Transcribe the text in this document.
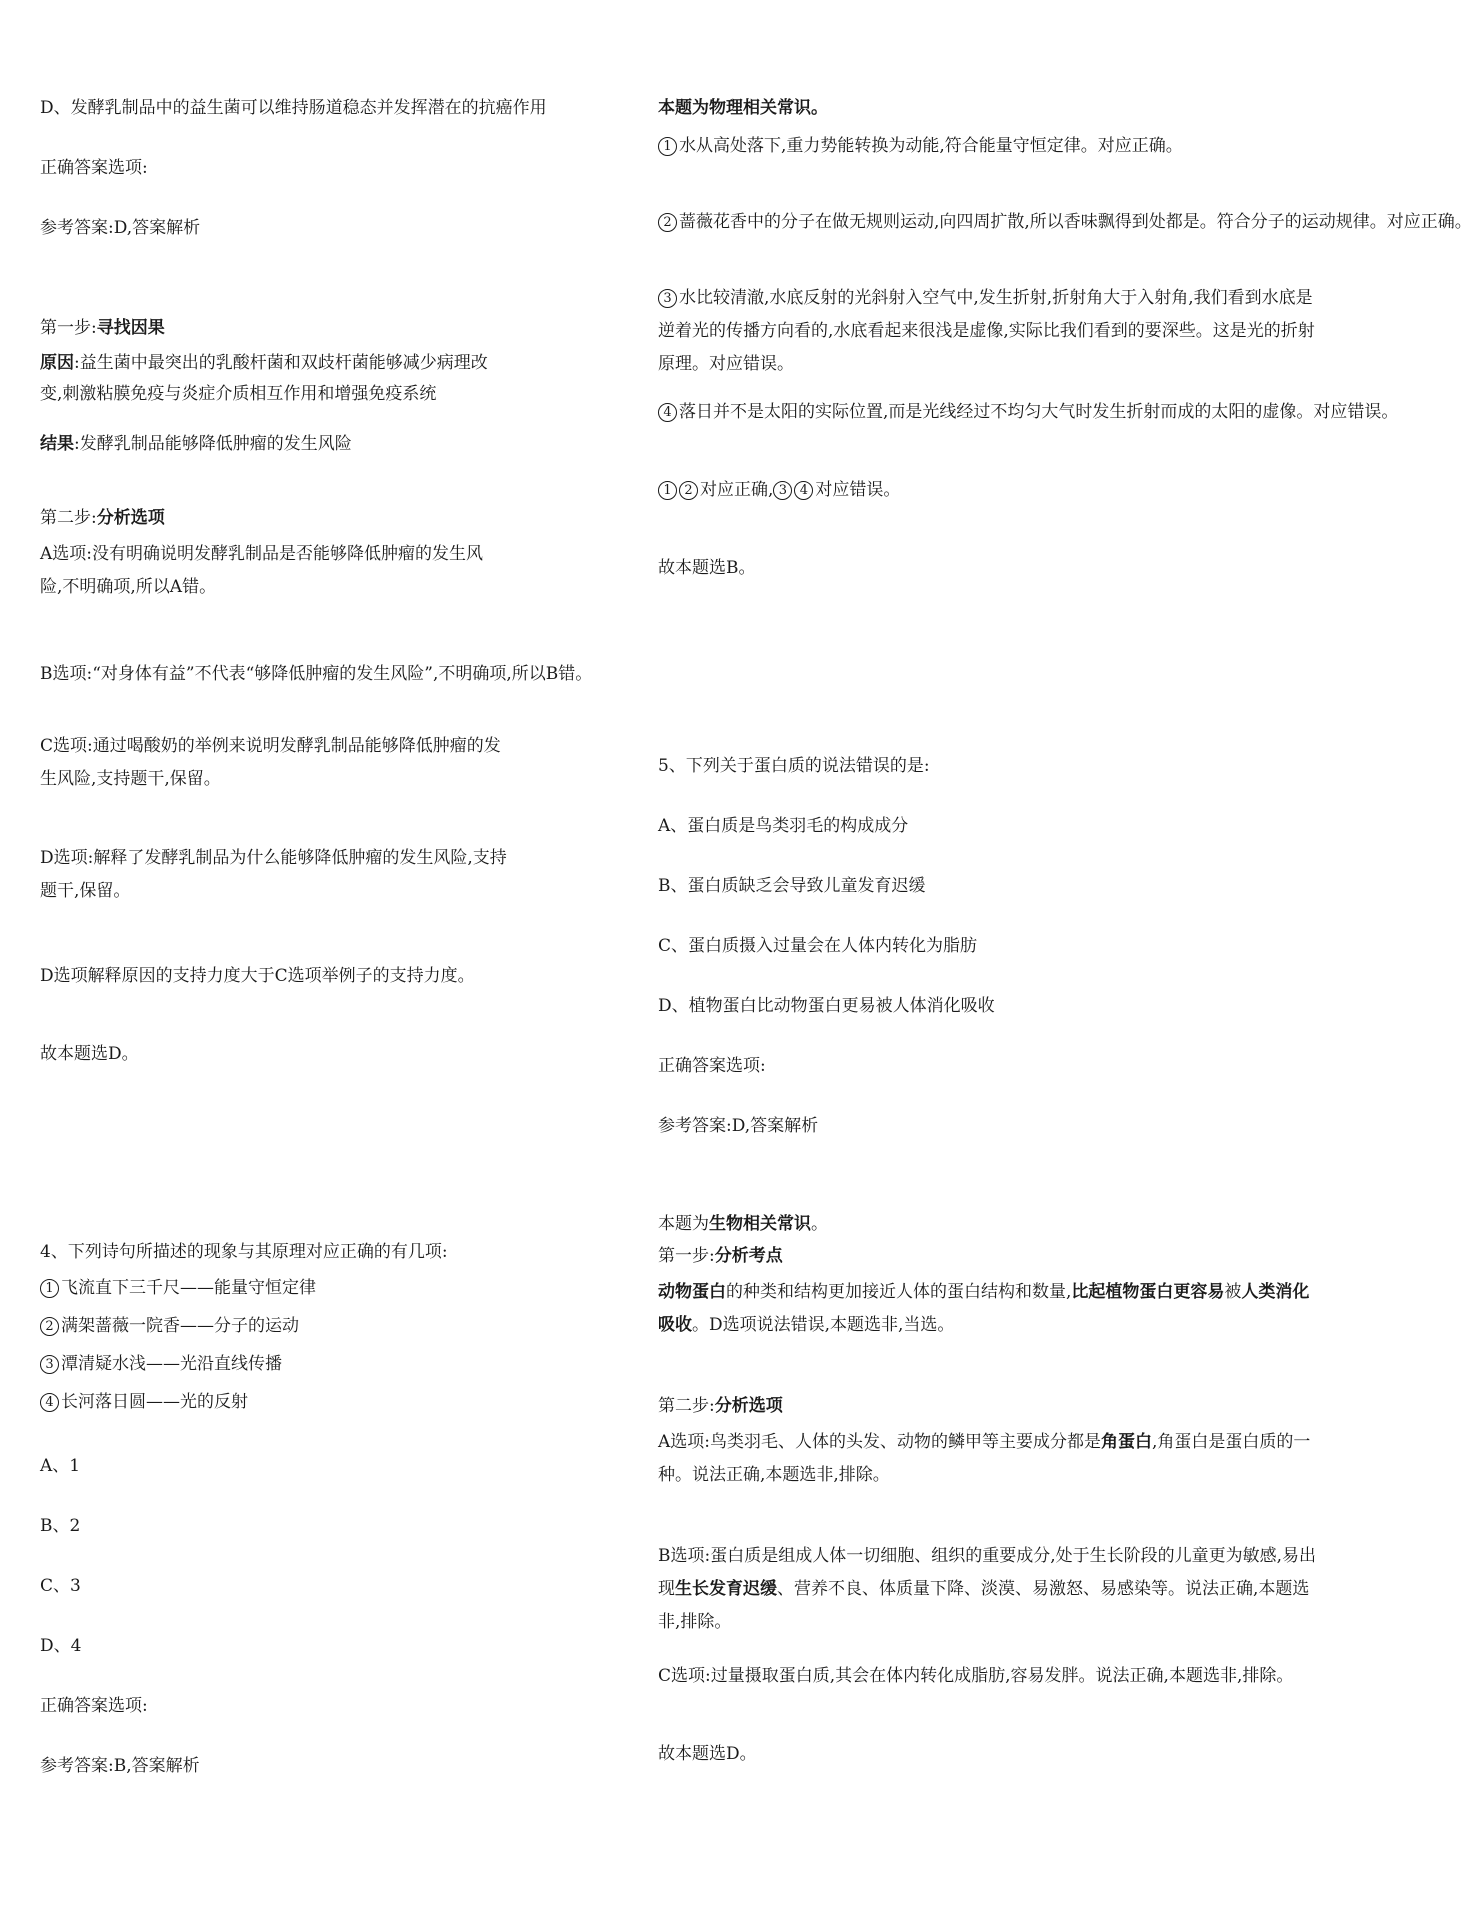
D、发酵乳制品中的益生菌可以维持肠道稳态并发挥潜在的抗癌作用
正确答案选项:
参考答案:D,答案解析
第一步:寻找因果
原因:益生菌中最突出的乳酸杆菌和双歧杆菌能够减少病理改变,刺激粘膜免疫与炎症介质相互作用和增强免疫系统
结果:发酵乳制品能够降低肿瘤的发生风险
第二步:分析选项
A选项:没有明确说明发酵乳制品是否能够降低肿瘤的发生风险,不明确项,所以A错。
B选项:“对身体有益”不代表“够降低肿瘤的发生风险”,不明确项,所以B错。
C选项:通过喝酸奶的举例来说明发酵乳制品能够降低肿瘤的发生风险,支持题干,保留。
D选项:解释了发酵乳制品为什么能够降低肿瘤的发生风险,支持题干,保留。
D选项解释原因的支持力度大于C选项举例子的支持力度。
故本题选D。
4、下列诗句所描述的现象与其原理对应正确的有几项:
1 飞流直下三千尺——能量守恒定律
2 满架蔷薇一院香——分子的运动
3 潭清疑水浅——光沿直线传播
4 长河落日圆——光的反射
A、1
B、2
C、3
D、4
正确答案选项:
参考答案:B,答案解析
本题为物理相关常识。
1 水从高处落下,重力势能转换为动能,符合能量守恒定律。对应正确。
2 蔷薇花香中的分子在做无规则运动,向四周扩散,所以香味飘得到处都是。符合分子的运动规律。对应正确。
3 水比较清澈,水底反射的光斜射入空气中,发生折射,折射角大于入射角,我们看到水底是逆着光的传播方向看的,水底看起来很浅是虚像,实际比我们看到的要深些。这是光的折射原理。对应错误。
4 落日并不是太阳的实际位置,而是光线经过不均匀大气时发生折射而成的太阳的虚像。对应错误。
1 2 对应正确, 3 4 对应错误。
故本题选B。
5、下列关于蛋白质的说法错误的是:
A、蛋白质是鸟类羽毛的构成成分
B、蛋白质缺乏会导致儿童发育迟缓
C、蛋白质摄入过量会在人体内转化为脂肪
D、植物蛋白比动物蛋白更易被人体消化吸收
正确答案选项:
参考答案:D,答案解析
本题为生物相关常识。
第一步:分析考点
动物蛋白的种类和结构更加接近人体的蛋白结构和数量,比起植物蛋白更容易被人类消化吸收。D选项说法错误,本题选非,当选。
第二步:分析选项
A选项:鸟类羽毛、人体的头发、动物的鳞甲等主要成分都是角蛋白,角蛋白是蛋白质的一种。说法正确,本题选非,排除。
B选项:蛋白质是组成人体一切细胞、组织的重要成分,处于生长阶段的儿童更为敏感,易出现生长发育迟缓、营养不良、体质量下降、淡漠、易激怒、易感染等。说法正确,本题选非,排除。
C选项:过量摄取蛋白质,其会在体内转化成脂肪,容易发胖。说法正确,本题选非,排除。
故本题选D。
